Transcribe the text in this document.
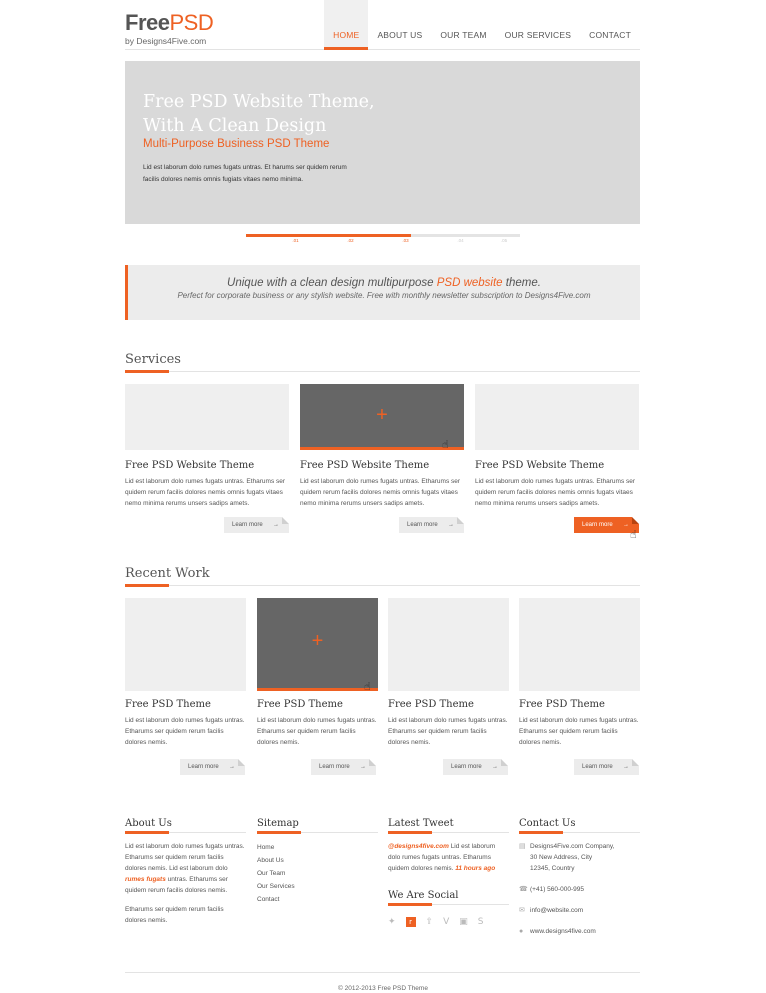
FreePSD
by Designs4Five.com
HOME	ABOUT US	OUR TEAM	OUR SERVICES	CONTACT
Free PSD Website Theme,
With A Clean Design
Multi-Purpose Business PSD Theme
Lid est laborum dolo rumes fugats untras. Et harums ser quidem rerum facilis dolores nemis omnis fugiats vitaes nemo minima.
.01	.02	.03	.04	.05
Unique with a clean design multipurpose PSD website theme.
Perfect for corporate business or any stylish website. Free with monthly newsletter subscription to Designs4Five.com
Services
Free PSD Website Theme
Lid est laborum dolo rumes fugats untras. Etharums ser quidem rerum facilis dolores nemis omnis fugats vitaes nemo minima rerums unsers sadips amets.
+
Free PSD Website Theme
Lid est laborum dolo rumes fugats untras. Etharums ser quidem rerum facilis dolores nemis omnis fugats vitaes nemo minima rerums unsers sadips amets.
Free PSD Website Theme
Lid est laborum dolo rumes fugats untras. Etharums ser quidem rerum facilis dolores nemis omnis fugats vitaes nemo minima rerums unsers sadips amets.
☝
Learn more →	Learn more →	Learn more →
☝
Recent Work
Free PSD Theme
Lid est laborum dolo rumes fugats untras. Etharums ser quidem rerum facilis dolores nemis.
+
Free PSD Theme
Lid est laborum dolo rumes fugats untras. Etharums ser quidem rerum facilis dolores nemis.
Free PSD Theme
Lid est laborum dolo rumes fugats untras. Etharums ser quidem rerum facilis dolores nemis.
Free PSD Theme
Lid est laborum dolo rumes fugats untras. Etharums ser quidem rerum facilis dolores nemis.
☝
Learn more →	Learn more →	Learn more →	Learn more →
About Us
Lid est laborum dolo rumes fugats untras. Etharums ser quidem rerum facilis dolores nemis. Lid est laborum dolo rumes fugats untras. Etharums ser quidem rerum facilis dolores nemis.
Etharums ser quidem rerum facilis dolores nemis.
Sitemap
Home
About Us
Our Team
Our Services
Contact
Latest Tweet
@designs4five.com Lid est laborum dolo rumes fugats untras. Etharums quidem dolores nemis. 11 hours ago
We Are Social
✦	r	⇪ V ▣ S
Contact Us
▤ Designs4Five.com Company,
30 New Address, City
12345, Country
☎ (+41) 560-000-995
✉ info@website.com
●	www.designs4five.com
© 2012-2013 Free PSD Theme
